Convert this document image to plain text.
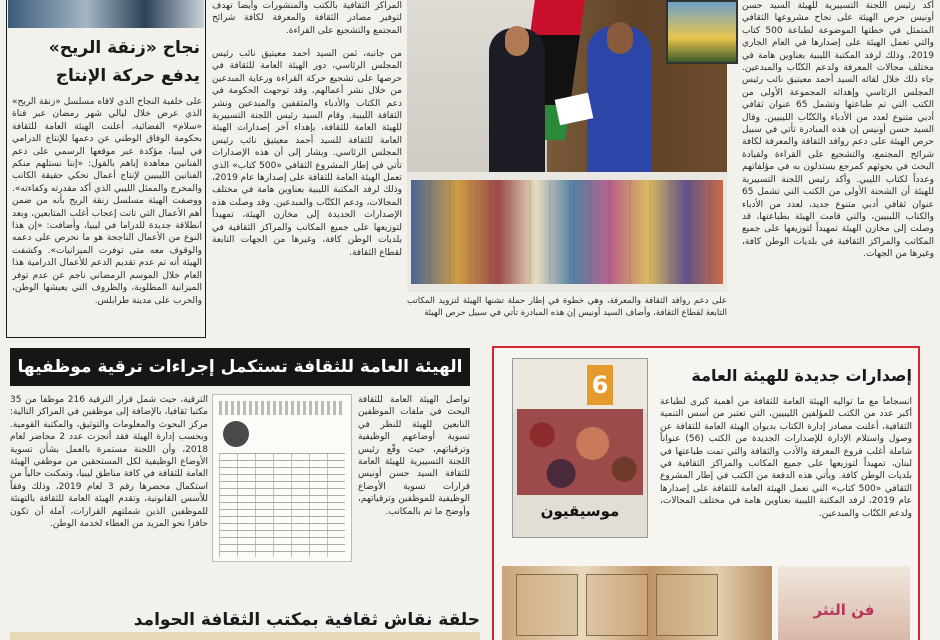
نجاح «زنقة الريح» يدفع حركة الإنتاج
على خلفية النجاح الذي لاقاه مسلسل «زنقة الريح» الذي عرض خلال ليالي شهر رمضان عبر قناة «سلام» الفضائية، أعلنت الهيئة العامة للثقافة بحكومة الوفاق الوطني عن دعمها للإنتاج الدرامي في ليبيا، مؤكدة عبر موقعها الرسمي على دعم الفنانين معاهدة إياهم بالقول: «إننا نستلهم منكم الفنانين الليبيين لإنتاج أعمال تحكي حقيقة الكاتب والمخرج والممثل الليبي الذي أكد مقدرته وكفاءته». ووصفت الهيئة مسلسل زنقة الريح بأنه من ضمن أهم الأعمال التي تاتت إعجاب أغلب المتابعين، وبعد انطلاقة جديدة للدراما في ليبيا، وأضافت: «إن هذا النوع من الأعمال الناجحة هو ما نحرص على دعمه والوقوف معه متى توفرت الميزانيات». وكشفت الهيئة أنه تم عدم تقديم الدعم للأعمال الدرامية هذا العام خلال الموسم الرمضاني ناجم عن عدم توفر الميزانية المطلوبة، والظروف التي يعيشها الوطن، والحرب على مدينة طرابلس.
المراكز الثقافية بالكتب والمنشورات وأيضا تهدف لتوفير مصادر الثقافة والمعرفة لكافة شرائح المجتمع والتشجيع على القراءة.
من جانبه، ثمن السيد أحمد معيتيق نائب رئيس المجلس الرئاسي، دور الهيئة العامة للثقافة في حرصها على تشجيع حركة القراءة ورعاية المبدعين من خلال نشر أعمالهم، وقد توجهت الحكومة في دعم الكتاب والأدباء والمثقفين والمبدعين ونشر الثقافة الليبية. وقام السيد رئيس اللجنة التسييرية للهيئة العامة للثقافة، بإهداء آخر إصدارات الهيئة العامة للثقافة للسيد أحمد معيتيق نائب رئيس المجلس الرئاسي. ويشار إلى أن هذه الإصدارات تأتي في إطار المشروع الثقافي «500 كتاب» الذي تعمل الهيئة العامة للثقافة على إصدارها عام 2019، وذلك لرفد المكتبة الليبية بعناوين هامة في مختلف المجالات، ودعم الكتّاب والمبدعين. وقد وصلت هذه الإصدارات الجديدة إلى مخازن الهيئة، تمهيداً لتوزيعها على جميع المكاتب والمراكز الثقافية في بلديات الوطن كافة، وغيرها من الجهات التابعة لقطاع الثقافة.
على دعم روافد الثقافة والمعرفة، وهي خطوة في إطار حملة تشنها الهيئة لتزويد المكاتب التابعة لقطاع الثقافة، وأضاف السيد أونيس إن هذه المبادرة تأتي في سبيل حرص الهيئة
أكد رئيس اللجنة التسييرية للهيئة السيد حسن أونيس حرص الهيئة على نجاح مشروعها الثقافي المتمثل في خطتها الموضوعة لطباعة 500 كتاب والتي تعمل الهيئة على إصدارها في العام الجاري 2019، وذلك لرفد المكتبة الليبية بعناوين هامة في مختلف مجالات المعرفة ولدعم الكتّاب والمبدعين. جاء ذلك خلال لقائه السيد أحمد معيتيق نائب رئيس المجلس الرئاسي وإهدائه المجموعة الأولى من الكتب التي تم طباعتها وتشمل 65 عنوان ثقافي أدبي متنوع لعدد من الأدباء والكتّاب الليبيين. وقال السيد حسن أونيس إن هذه المبادرة تأتي في سبيل حرص الهيئة على دعم روافد الثقافة والمعرفة لكافة شرائح المجتمع، والتشجيع على القراءة ولقيادة البحث في بحوثهم كمرجع يستدلون به في مؤلفاتهم وعدداً لكتاب الليبي. وأكد رئيس اللجنة التسييرية للهيئة أن الشحنة الأولى من الكتب التي تشمل 65 عنوان ثقافي أدبي متنوع جديد، لعدد من الأدباء والكتاب الليبيين، والتي قامت الهيئة بطباعتها، قد وصلت إلى مخازن الهيئة تمهيداً لتوزيعها على جميع المكاتب والمراكز الثقافية في بلديات الوطن كافة، وغيرها من الجهات.
الهيئة العامة للثقافة تستكمل إجراءات ترقية موظفيها
تواصل الهيئة العامة للثقافة البحث في ملفات الموظفين التابعين للهيئة للنظر في تسوية أوضاعهم الوظيفية وترقياتهم، حيث وقّع رئيس اللجنة التسييرية للهيئة العامة للثقافة السيد حسن أونيس قرارات تسوية الأوضاع الوظيفية للموظفين وترقياتهم، وأوضح ما تم بالمكاتب.
الترقية، حيث شمل قرار الترقية 216 موظفا من 35 مكتبا ثقافيا، بالإضافة إلى موظفين في المراكز التالية: مركز البحوث والمعلومات والتوثيق، والمكتبة القومية. وبحسب إدارة الهيئة فقد أنجزت عدد 2 محاضر لعام 2018، وأن اللجنة مستمرة بالعمل بشأن تسوية الأوضاع الوظيفية لكل المستحقين من موظفي الهيئة العامة للثقافة في كافة مناطق ليبيا، وتمكنت حالياً من استكمال محضرها رقم 3 لعام 2019، وذلك وفقاً للأسس القانونية، وتقدم الهيئة العامة للثقافة بالتهنئة للموظفين الذين شملتهم القرارات، آملة أن تكون حافزا نحو المزيد من العطاء لخدمة الوطن.
حلقة نقاش ثقافية بمكتب الثقافة الحوامد
6
موسيقيون
إصدارات جديدة للهيئة العامة
انسجاماً مع ما تواليه الهيئة العامة للثقافة من أهمية كبرى لطباعة أكبر عدد من الكتب للمؤلفين الليبيين، التي تعتبر من أسس التنمية الثقافية، أعلنت مصادر إدارة الكتاب بديوان الهيئة العامة للثقافة عن وصول واستلام الإدارة للإصدارات الجديدة من الكتب (56) عنواناً شاملة أغلب فروع المعرفة والأدب والثقافة والتي تمت طباعتها في لبنان، تمهيداً لتوزيعها على جميع المكاتب والمراكز الثقافية في بلديات الوطن كافة. ويأتي هذه الدفعة من الكتب في إطار المشروع الثقافي «500 كتاب» التي تعمل الهيئة العامة للثقافة على إصدارها عام 2019، لرفد المكتبة الليبية بعناوين هامة في مختلف المجالات، ولدعم الكتّاب والمبدعين.
فن النثر
